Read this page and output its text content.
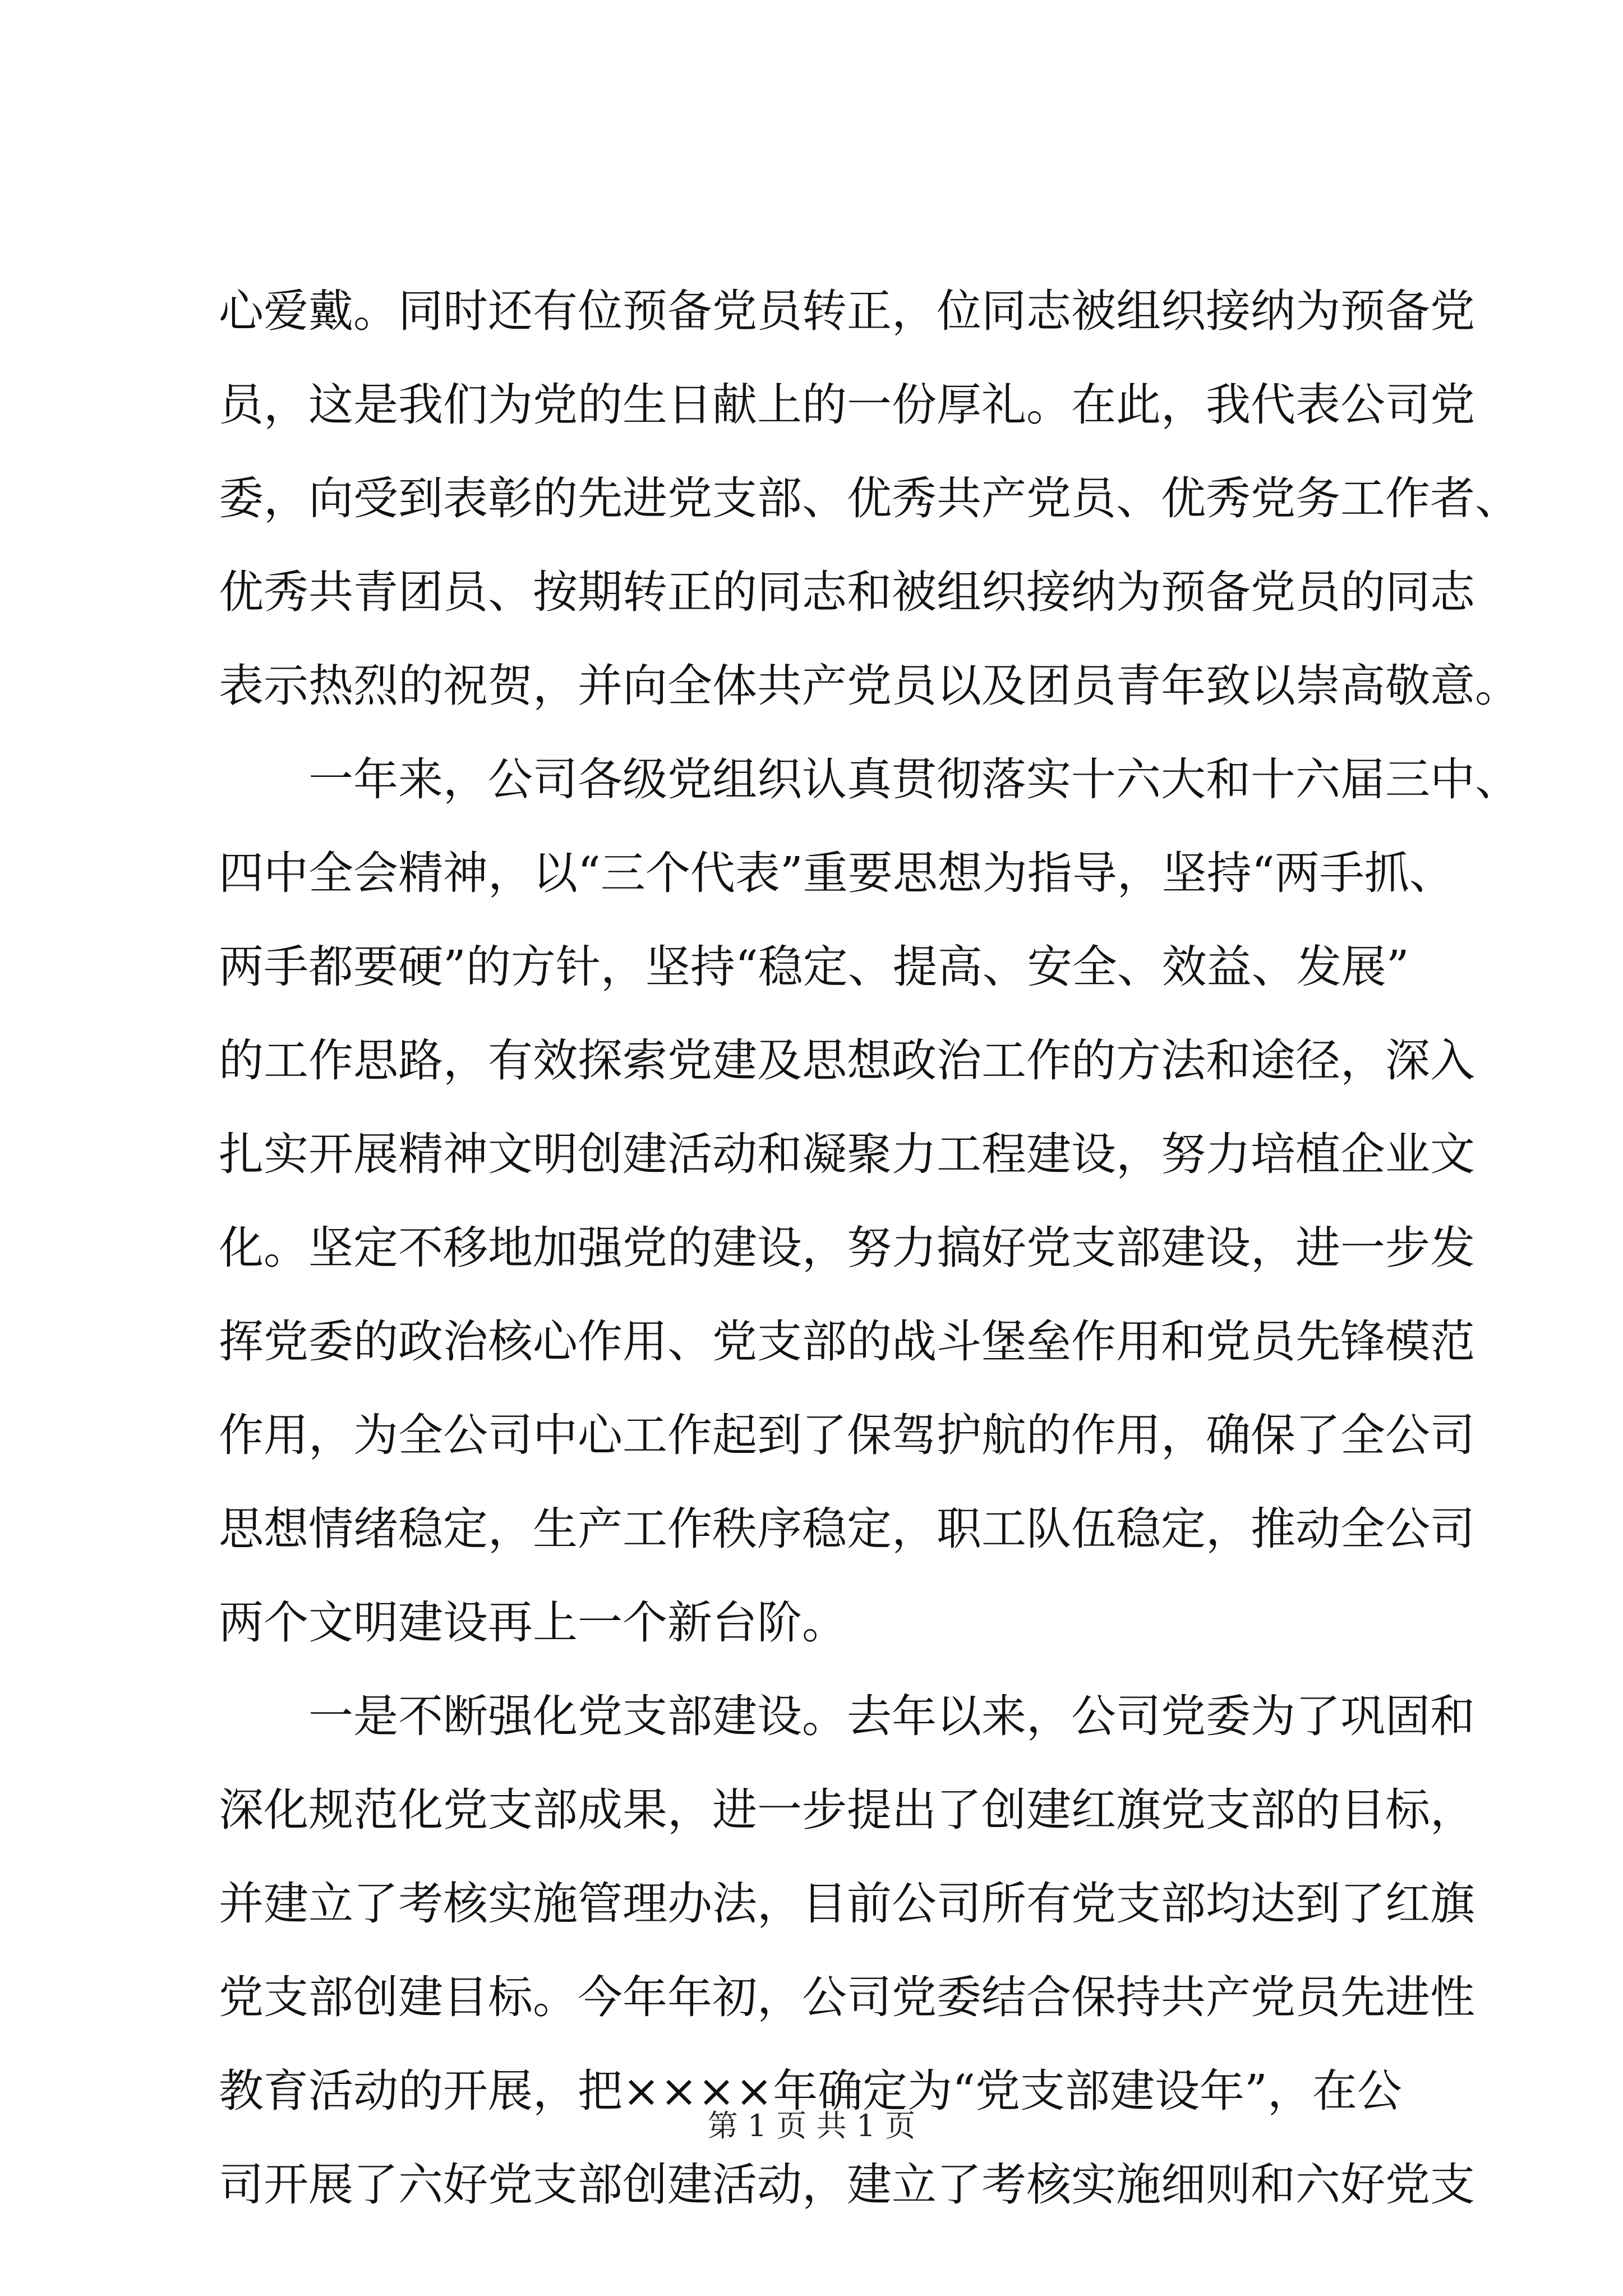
心爱戴。同时还有位预备党员转正，位同志被组织接纳为预备党
员，这是我们为党的生日献上的一份厚礼。在此，我代表公司党
委，向受到表彰的先进党支部、优秀共产党员、优秀党务工作者、
优秀共青团员、按期转正的同志和被组织接纳为预备党员的同志
表示热烈的祝贺，并向全体共产党员以及团员青年致以崇高敬意。
一年来，公司各级党组织认真贯彻落实十六大和十六届三中、
四中全会精神，以“三个代表”重要思想为指导，坚持“两手抓、
两手都要硬”的方针，坚持“稳定、提高、安全、效益、发展”
的工作思路，有效探索党建及思想政治工作的方法和途径，深入
扎实开展精神文明创建活动和凝聚力工程建设，努力培植企业文
化。坚定不移地加强党的建设，努力搞好党支部建设，进一步发
挥党委的政治核心作用、党支部的战斗堡垒作用和党员先锋模范
作用，为全公司中心工作起到了保驾护航的作用，确保了全公司
思想情绪稳定，生产工作秩序稳定，职工队伍稳定，推动全公司
两个文明建设再上一个新台阶。
一是不断强化党支部建设。去年以来，公司党委为了巩固和
深化规范化党支部成果，进一步提出了创建红旗党支部的目标，
并建立了考核实施管理办法，目前公司所有党支部均达到了红旗
党支部创建目标。今年年初，公司党委结合保持共产党员先进性
教育活动的开展，把××××年确定为“党支部建设年”，在公
司开展了六好党支部创建活动，建立了考核实施细则和六好党支
第 1 页 共 1 页
